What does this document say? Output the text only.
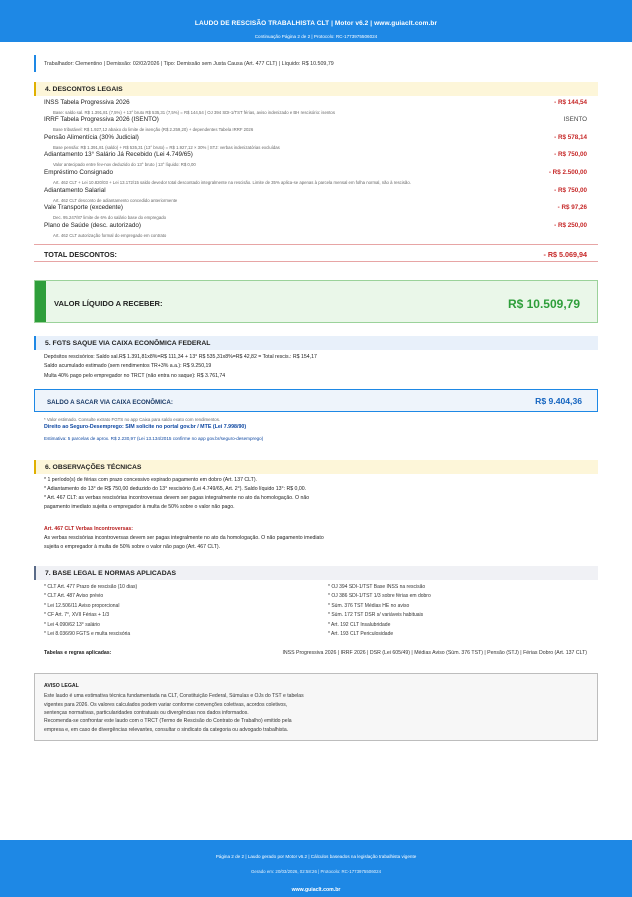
LAUDO DE RESCISÃO TRABALHISTA CLT | Motor v6.2 | www.guiaclt.com.br
Continuação Página 2 de 2 | Protocolo: RC-1773975506024
Trabalhador: Clementino | Demissão: 02/02/2026 | Tipo: Demissão sem Justa Causa (Art. 477 CLT) | Líquido: R$ 10.509,79
4. DESCONTOS LEGAIS
INSS Tabela Progressiva 2026	- R$ 144,54
Base: saldo sal. R$ 1.391,81 (7,5%) + 13° bruto R$ 535,31 (7,5%) = R$ 144,54 | OJ 394 SDI-1/TST férias, aviso indenizado e BH rescisório: isentos
IRRF Tabela Progressiva 2026 (ISENTO)	ISENTO
Base tributável: R$ 1.927,12 abaixo do limite de isenção (R$ 2.259,20) + dependentes Tabela IRRF 2026
Pensão Alimentícia (30% Judicial)	- R$ 578,14
Base pensão: R$ 1.391,81 (saldo) + R$ 535,31 (13° bruto) = R$ 1.927,12 × 30% | STJ: verbas indenizatórias excluídas
Adiantamento 13° Salário Já Recebido (Lei 4.749/65)	- R$ 750,00
Valor antecipado entre fev-nov deduzido do 13° bruto | 13° líquido: R$ 0,00
Empréstimo Consignado	- R$ 2.500,00
Art. 462 CLT + Lei 10.820/03 + Lei 13.172/15 saldo devedor total descontado integralmente na rescisão. Limite de 35% aplica-se apenas à parcela mensal em folha normal, não à rescisão.
Adiantamento Salarial	- R$ 750,00
Art. 462 CLT desconto de adiantamento concedido anteriormente
Vale Transporte (excedente)	- R$ 97,26
Dec. 95.247/87 limite de 6% do salário base do empregado
Plano de Saúde (desc. autorizado)	- R$ 250,00
Art. 462 CLT autorização formal do empregado em contrato
TOTAL DESCONTOS:	- R$ 5.069,94
VALOR LÍQUIDO A RECEBER:	R$ 10.509,79
5. FGTS SAQUE VIA CAIXA ECONÔMICA FEDERAL
Depósitos rescisórios: Saldo sal.R$ 1.391,81x8%=R$ 111,34 + 13° R$ 535,31x8%=R$ 42,82 = Total rescis.: R$ 154,17
Saldo acumulado estimado (sem rendimentos TR+3% a.a.): R$ 9.250,19
Multa 40% pago pelo empregador no TRCT (não entra no saque): R$ 3.761,74
SALDO A SACAR VIA CAIXA ECONÔMICA:	R$ 9.404,36
* Valor estimado. Consulte extrato FGTS no app Caixa para saldo exato com rendimentos.
Direito ao Seguro-Desemprego: SIM solicite no portal gov.br / MTE (Lei 7.998/90)
Estimativa: 5 parcelas de aprox. R$ 2.230,97 (Lei 13.134/2015 confirme no app gov.br/seguro-desemprego)
6. OBSERVAÇÕES TÉCNICAS
* 1 período(s) de férias com prazo concessivo expirado pagamento em dobro (Art. 137 CLT).
* Adiantamento do 13° de R$ 750,00 deduzido do 13° rescisório (Lei 4.749/65, Art. 2°). Saldo líquido 13°: R$ 0,00.
* Art. 467 CLT: as verbas rescisórias incontroversas devem ser pagas integralmente no ato da homologação. O não
pagamento imediato sujeita o empregador à multa de 50% sobre o valor não pago.
Art. 467 CLT Verbas Incontroversas:
As verbas rescisórias incontroversas devem ser pagas integralmente no ato da homologação. O não pagamento imediato
sujeita o empregador à multa de 50% sobre o valor não pago (Art. 467 CLT).
7. BASE LEGAL E NORMAS APLICADAS
* CLT Art. 477 Prazo de rescisão (10 dias)
* CLT Art. 487 Aviso prévio
* Lei 12.506/11 Aviso proporcional
* CF Art. 7°, XVII Férias + 1/3
* Lei 4.090/62 13° salário
* Lei 8.036/90 FGTS e multa rescisória
* OJ 394 SDI-1/TST Base INSS na rescisão
* OJ 386 SDI-1/TST 1/3 sobre férias em dobro
* Súm. 376 TST Médias HE no aviso
* Súm. 172 TST DSR s/ variáveis habituais
* Art. 192 CLT Insalubridade
* Art. 193 CLT Periculosidade
Tabelas e regras aplicadas:	INSS Progressiva 2026 | IRRF 2026 | DSR (Lei 605/49) | Médias Aviso (Súm. 376 TST) | Pensão (STJ) | Férias Dobro (Art. 137 CLT)
AVISO LEGAL
Este laudo é uma estimativa técnica fundamentada na CLT, Constituição Federal, Súmulas e OJs do TST e tabelas
vigentes para 2026. Os valores calculados podem variar conforme convenções coletivas, acordos coletivos,
sentenças normativas, particularidades contratuais ou divergências nos dados informados.
Recomenda-se confrontar este laudo com o TRCT (Termo de Rescisão do Contrato de Trabalho) emitido pela
empresa e, em caso de divergências relevantes, consultar o sindicato da categoria ou advogado trabalhista.
Página 2 de 2 | Laudo gerado por Motor v6.2 | Cálculos baseados na legislação trabalhista vigente
Gerado em: 20/03/2026, 02:58:26 | Protocolo: RC-1773975506024
www.guiaclt.com.br
